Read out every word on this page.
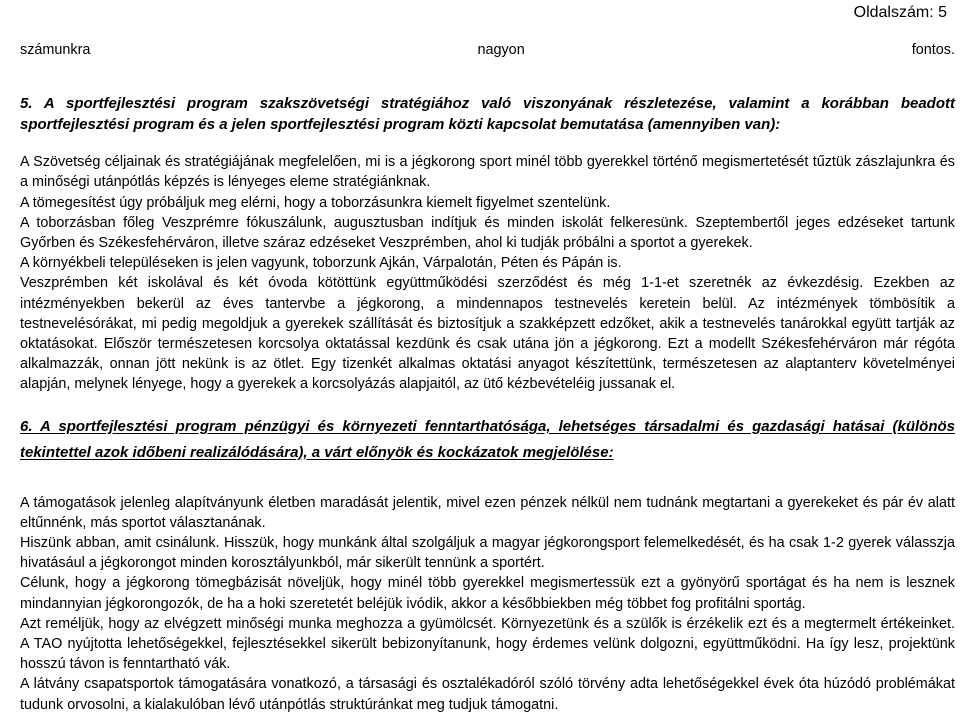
Oldalszám: 5

számunkra nagyon fontos.

5. A sportfejlesztési program szakszövetségi stratégiához való viszonyának részletezése, valamint a korábban beadott sportfejlesztési program és a jelen sportfejlesztési program közti kapcsolat bemutatása (amennyiben van):

A Szövetség céljainak és stratégiájának megfelelően, mi is a jégkorong sport minél több gyerekkel történő megismertetését tűztük zászlajunkra és a minőségi utánpótlás képzés is lényeges eleme stratégiánknak.

A tömegesítést úgy próbáljuk meg elérni, hogy a toborzásunkra kiemelt figyelmet szentelünk.

A toborzásban főleg Veszprémre fókuszálunk, augusztusban indítjuk és minden iskolát felkeresünk. Szeptembertől jeges edzéseket tartunk Győrben és Székesfehérváron, illetve száraz edzéseket Veszprémben, ahol ki tudják próbálni a sportot a gyerekek.

A környékbeli településeken is jelen vagyunk, toborzunk Ajkán, Várpalotán, Péten és Pápán is.

Veszprémben két iskolával és két óvoda kötöttünk együttműködési szerződést és még 1-1-et szeretnék az évkezdésig. Ezekben az intézményekben bekerül az éves tantervbe a jégkorong, a mindennapos testnevelés keretein belül. Az intézmények tömbösítik a testnevelésórákat, mi pedig megoldjuk a gyerekek szállítását és biztosítjuk a szakképzett edzőket, akik a testnevelés tanárokkal együtt tartják az oktatásokat. Először természetesen korcsolya oktatással kezdünk és csak utána jön a jégkorong. Ezt a modellt Székesfehérváron már régóta alkalmazzák, onnan jött nekünk is az ötlet. Egy tizenkét alkalmas oktatási anyagot készítettünk, természetesen az alaptanterv követelményei alapján, melynek lényege, hogy a gyerekek a korcsolyázás alapjaitól, az ütő kézbevételéig jussanak el.

6. A sportfejlesztési program pénzügyi és környezeti fenntarthatósága, lehetséges társadalmi és gazdasági hatásai (különös tekintettel azok időbeni realizálódására), a várt előnyök és kockázatok megjelölése:

A támogatások jelenleg alapítványunk életben maradását jelentik, mivel ezen pénzek nélkül nem tudnánk megtartani a gyerekeket és pár év alatt eltűnnénk, más sportot választanának.

Hiszünk abban, amit csinálunk. Hisszük, hogy munkánk által szolgáljuk a magyar jégkorongsport felemelkedését, és ha csak 1-2 gyerek válasszja hivatásául a jégkorongot minden korosztályunkból, már sikerült tennünk a sportért.

Célunk, hogy a jégkorong tömegbázisát növeljük, hogy minél több gyerekkel megismertessük ezt a gyönyörű sportágat és ha nem is lesznek mindannyian jégkorongozók, de ha a hoki szeretetét beléjük ivódik, akkor a későbbiekben még többet fog profitálni sportág.

Azt reméljük, hogy az elvégzett minőségi munka meghozza a gyümölcsét. Környezetünk és a szülők is érzékelik ezt és a megtermelt értékeinket. A TAO nyújtotta lehetőségekkel, fejlesztésekkel sikerült bebizonyítanunk, hogy érdemes velünk dolgozni, együttműködni. Ha így lesz, projektünk hosszú távon is fenntartható vák.

A látvány csapatsportok támogatására vonatkozó, a társasági és osztalékadóról szóló törvény adta lehetőségekkel évek óta húzódó problémákat tudunk orvosolni, a kialakulóban lévő utánpótlás struktúránkat meg tudjuk támogatni.
